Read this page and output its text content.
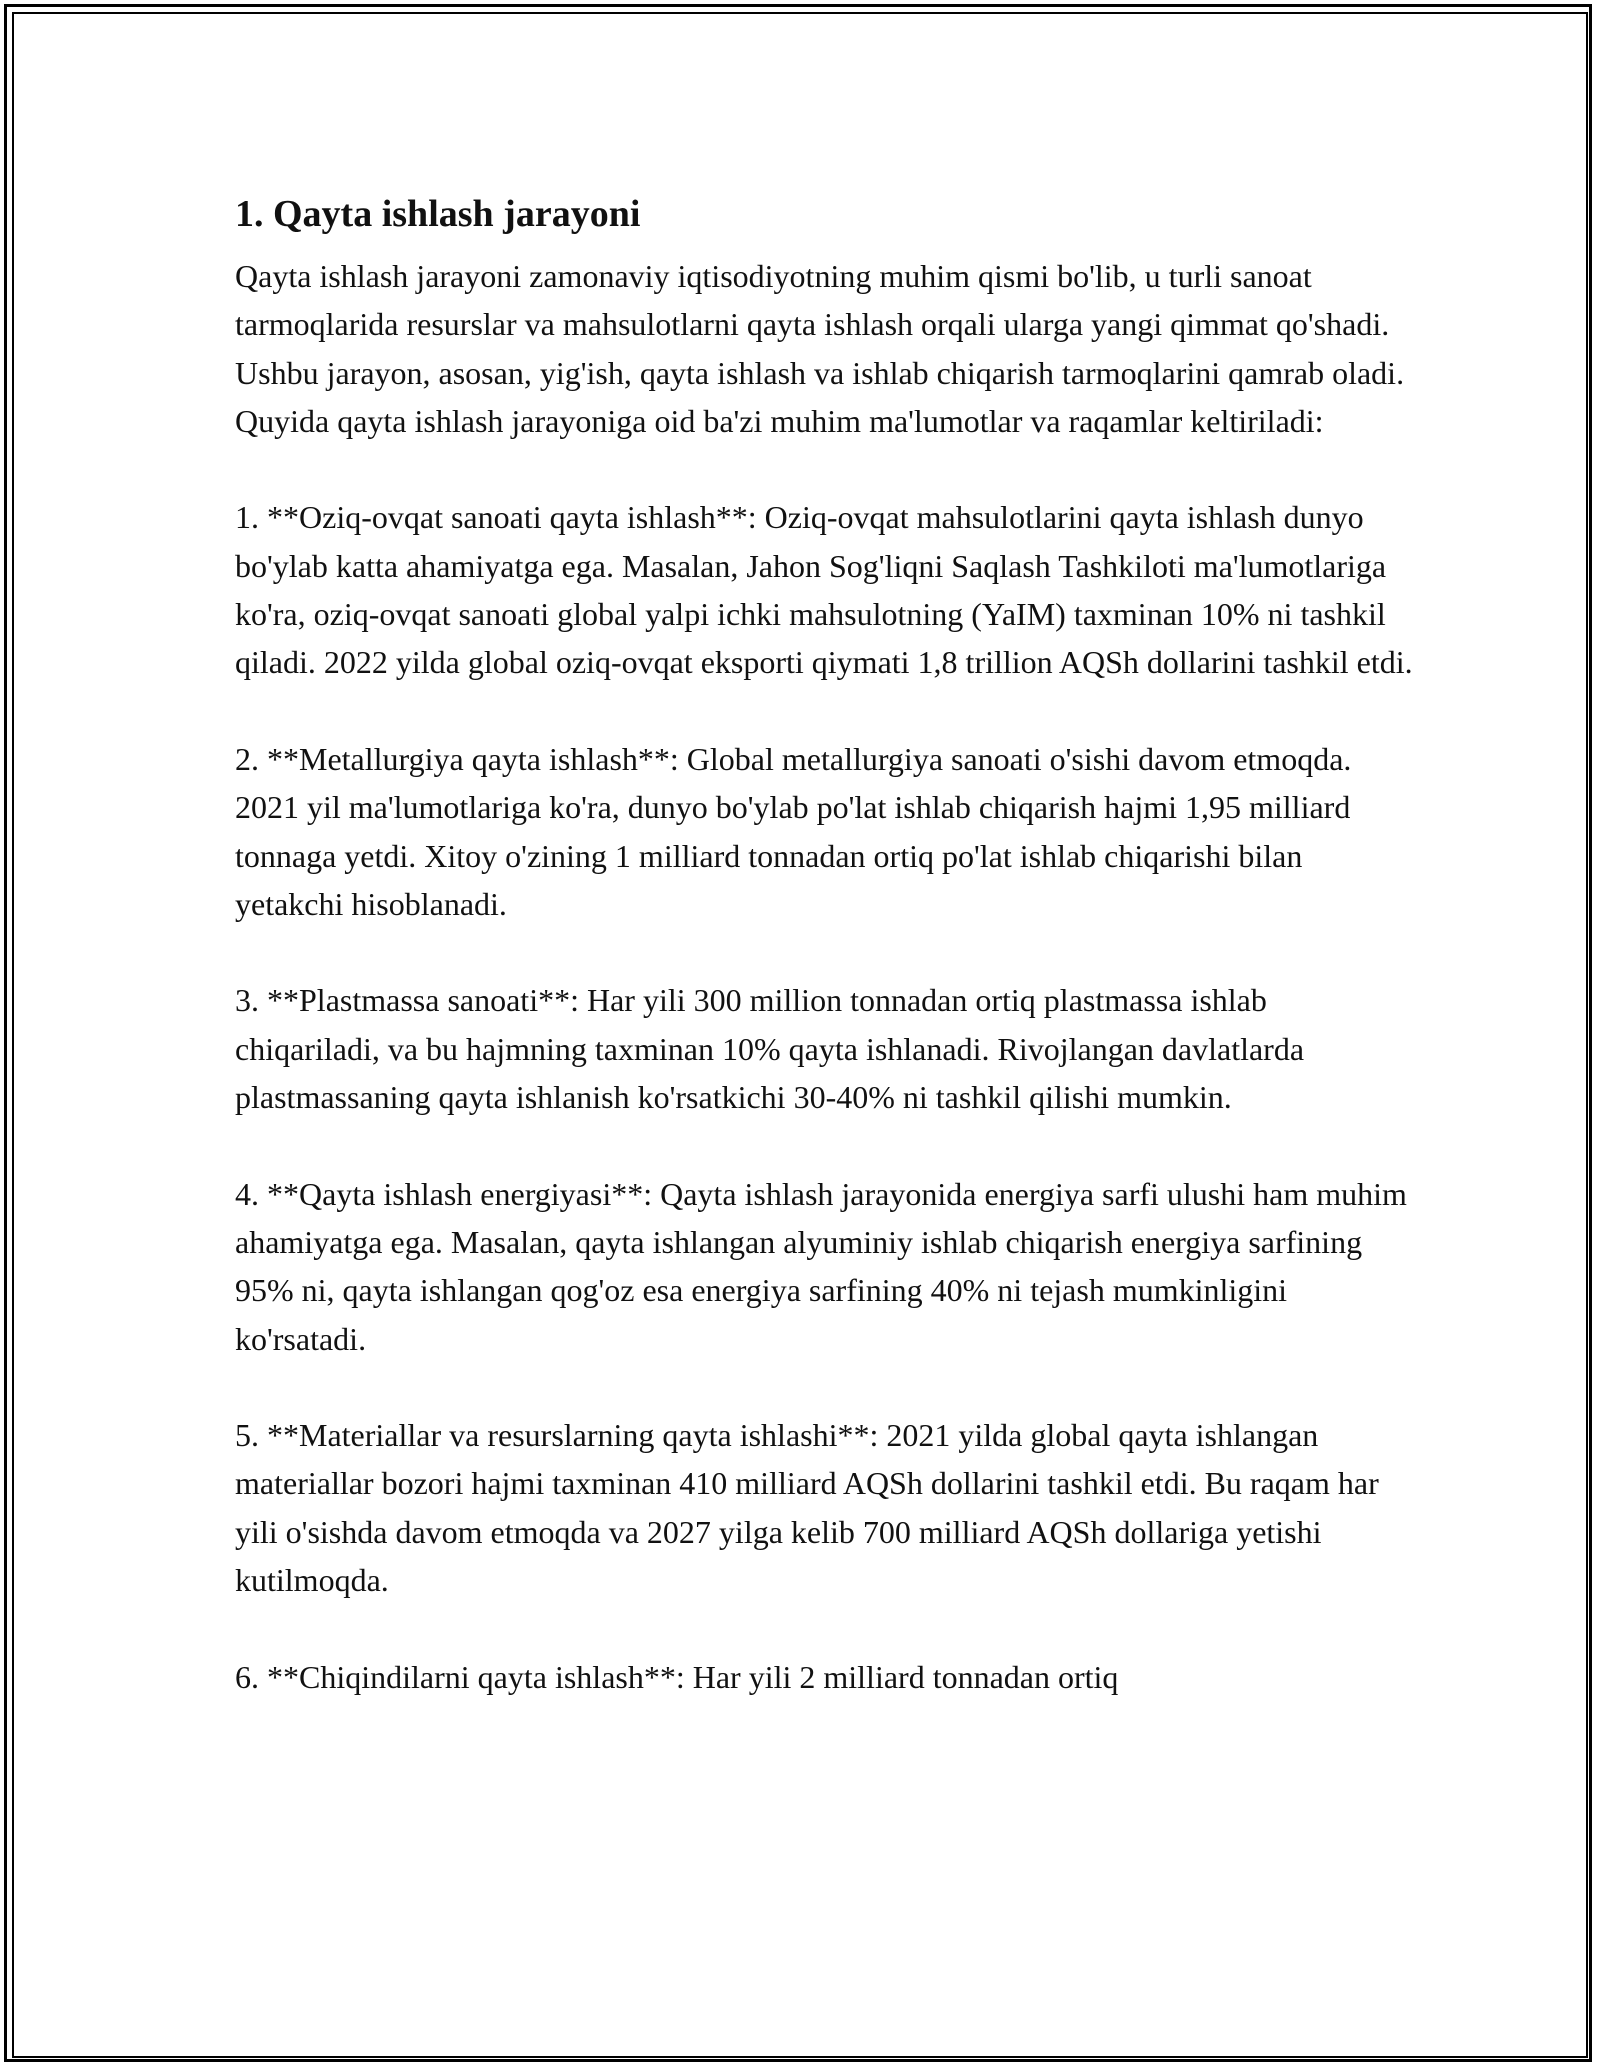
1. Qayta ishlash jarayoni
Qayta ishlash jarayoni zamonaviy iqtisodiyotning muhim qismi bo'lib, u turli sanoat tarmoqlarida resurslar va mahsulotlarni qayta ishlash orqali ularga yangi qimmat qo'shadi. Ushbu jarayon, asosan, yig'ish, qayta ishlash va ishlab chiqarish tarmoqlarini qamrab oladi. Quyida qayta ishlash jarayoniga oid ba'zi muhim ma'lumotlar va raqamlar keltiriladi:
1. **Oziq-ovqat sanoati qayta ishlash**: Oziq-ovqat mahsulotlarini qayta ishlash dunyo bo'ylab katta ahamiyatga ega. Masalan, Jahon Sog'liqni Saqlash Tashkiloti ma'lumotlariga ko'ra, oziq-ovqat sanoati global yalpi ichki mahsulotning (YaIM) taxminan 10% ni tashkil qiladi. 2022 yilda global oziq-ovqat eksporti qiymati 1,8 trillion AQSh dollarini tashkil etdi.
2. **Metallurgiya qayta ishlash**: Global metallurgiya sanoati o'sishi davom etmoqda. 2021 yil ma'lumotlariga ko'ra, dunyo bo'ylab po'lat ishlab chiqarish hajmi 1,95 milliard tonnaga yetdi. Xitoy o'zining 1 milliard tonnadan ortiq po'lat ishlab chiqarishi bilan yetakchi hisoblanadi.
3. **Plastmassa sanoati**: Har yili 300 million tonnadan ortiq plastmassa ishlab chiqariladi, va bu hajmning taxminan 10% qayta ishlanadi. Rivojlangan davlatlarda plastmassaning qayta ishlanish ko'rsatkichi 30-40% ni tashkil qilishi mumkin.
4. **Qayta ishlash energiyasi**: Qayta ishlash jarayonida energiya sarfi ulushi ham muhim ahamiyatga ega. Masalan, qayta ishlangan alyuminiy ishlab chiqarish energiya sarfining 95% ni, qayta ishlangan qog'oz esa energiya sarfining 40% ni tejash mumkinligini ko'rsatadi.
5. **Materiallar va resurslarning qayta ishlashi**: 2021 yilda global qayta ishlangan materiallar bozori hajmi taxminan 410 milliard AQSh dollarini tashkil etdi. Bu raqam har yili o'sishda davom etmoqda va 2027 yilga kelib 700 milliard AQSh dollariga yetishi kutilmoqda.
6. **Chiqindilarni qayta ishlash**: Har yili 2 milliard tonnadan ortiq
